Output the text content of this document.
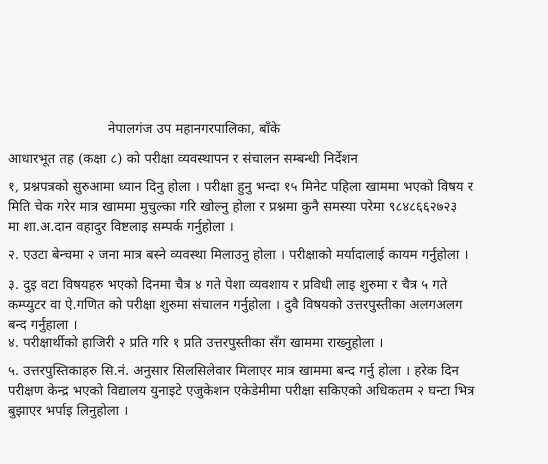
नेपालगंज उप महानगरपालिका, बाँके
आधारभूत तह (कक्षा ८) को परीक्षा व्यवस्थापन र संचालन सम्बन्धी निर्देशन
१, प्रश्नपत्रको सुरुआमा ध्यान दिनु होला । परीक्षा हुनु भन्दा १५ मिनेट पहिला खाममा भएको विषय र
मिति चेक गरेर मात्र खाममा मुचुल्का गरि खोल्नु होला र प्रश्नमा कुनै समस्या परेमा ९८४८६६२७२३
मा शा.अ.दान वहादुर विष्टलाइ सम्पर्क गर्नुहोला ।
२. एउटा बेन्चमा २ जना मात्र बस्ने व्यवस्था मिलाउनु होला । परीक्षाको मर्यादालाई कायम गर्नुहोला ।
३. दुइ वटा विषयहरु भएको दिनमा चैत्र ४ गते पेशा व्यवशाय र प्रविधी लाइ शुरुमा र चैत्र ५ गते
कम्प्युटर वा ऐ.गणित को परीक्षा शुरुमा संचालन गर्नुहोला । दुवै विषयको उत्तरपुस्तीका अलगअलग
बन्द गर्नुहाला ।
४. परीक्षार्थीको हाजिरी २ प्रति गरि १ प्रति उत्तरपुस्तीका सँग खाममा राख्नुहोला ।
५. उत्तरपुस्तिकाहरु सि.नं. अनुसार सिलसिलेवार मिलाएर मात्र खाममा बन्द गर्नु होला । हरेक दिन
परीक्षण केन्द्र भएको विद्यालय युनाइटे एजुकेशन एकेडेमीमा परीक्षा सकिएको अधिकतम २ घन्टा भित्र
बुझाएर भर्पाइ लिनुहोला ।
